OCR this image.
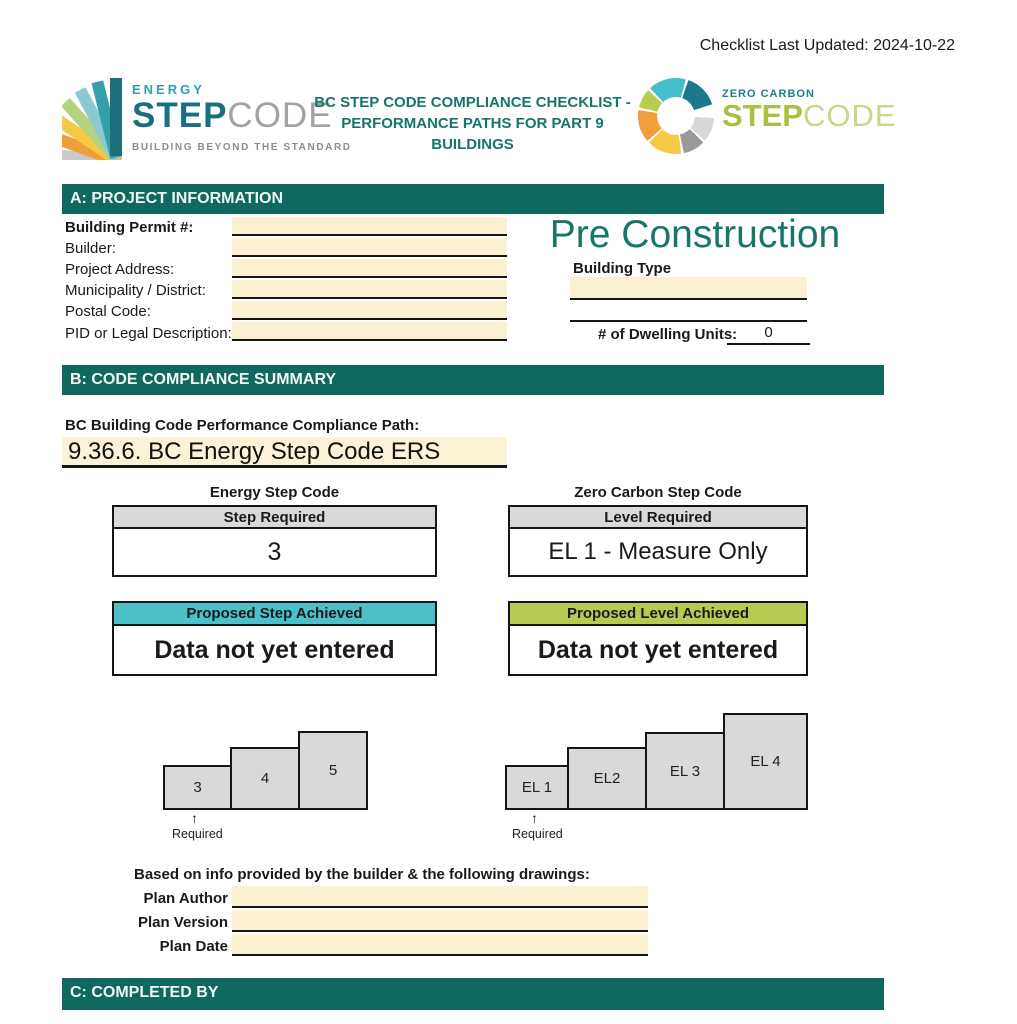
Checklist Last Updated: 2024-10-22
ENERGY
STEPCODE
BUILDING BEYOND THE STANDARD
BC STEP CODE COMPLIANCE CHECKLIST -
PERFORMANCE PATHS FOR PART 9
BUILDINGS
ZERO CARBON
STEPCODE
A: PROJECT INFORMATION
Building Permit #:
Builder:
Project Address:
Municipality / District:
Postal Code:
PID or Legal Description:
Pre Construction
Building Type
# of Dwelling Units:	0
B: CODE COMPLIANCE SUMMARY
BC Building Code Performance Compliance Path:
9.36.6. BC Energy Step Code ERS
Energy Step Code
Step Required
3
Zero Carbon Step Code
Level Required
EL 1 - Measure Only
Proposed Step Achieved
Data not yet entered
Proposed Level Achieved
Data not yet entered
3
4	5
↑
Required
EL 1
EL2	EL 3
EL 4
↑
Required
Based on info provided by the builder & the following drawings:
Plan Author
Plan Version
Plan Date
C: COMPLETED BY
